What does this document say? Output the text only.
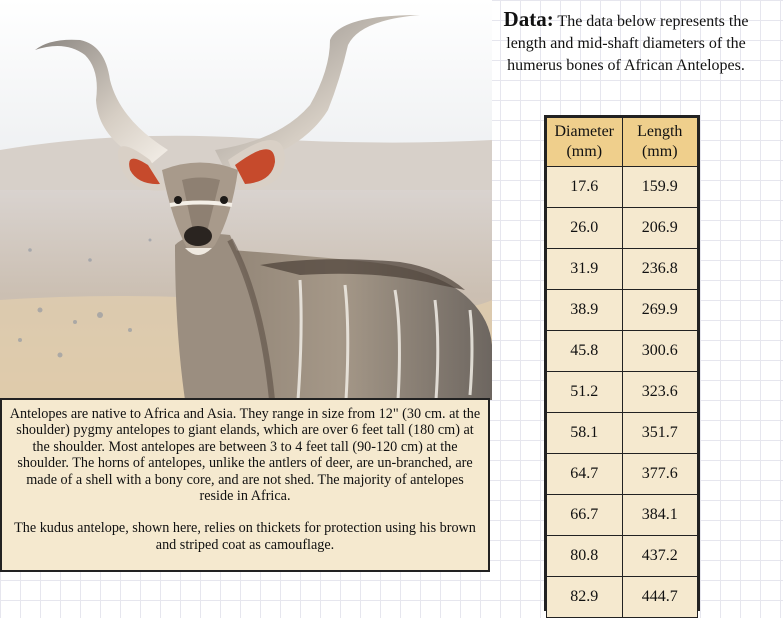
Antelopes are native to Africa and Asia. They range in size from 12" (30 cm. at the shoulder) pygmy antelopes to giant elands, which are over 6 feet tall (180 cm) at the shoulder. Most antelopes are between 3 to 4 feet tall (90-120 cm) at the shoulder. The horns of antelopes, unlike the antlers of deer, are un-branched, are made of a shell with a bony core, and are not shed. The majority of antelopes reside in Africa.

The kudus antelope, shown here, relies on thickets for protection using his brown and striped coat as camouflage.

Data: The data below represents the length and mid-shaft diameters of the humerus bones of African Antelopes.
Diameter (mm)	Length (mm)
17.6	159.9
26.0	206.9
31.9	236.8
38.9	269.9
45.8	300.6
51.2	323.6
58.1	351.7
64.7	377.6
66.7	384.1
80.8	437.2
82.9	444.7
